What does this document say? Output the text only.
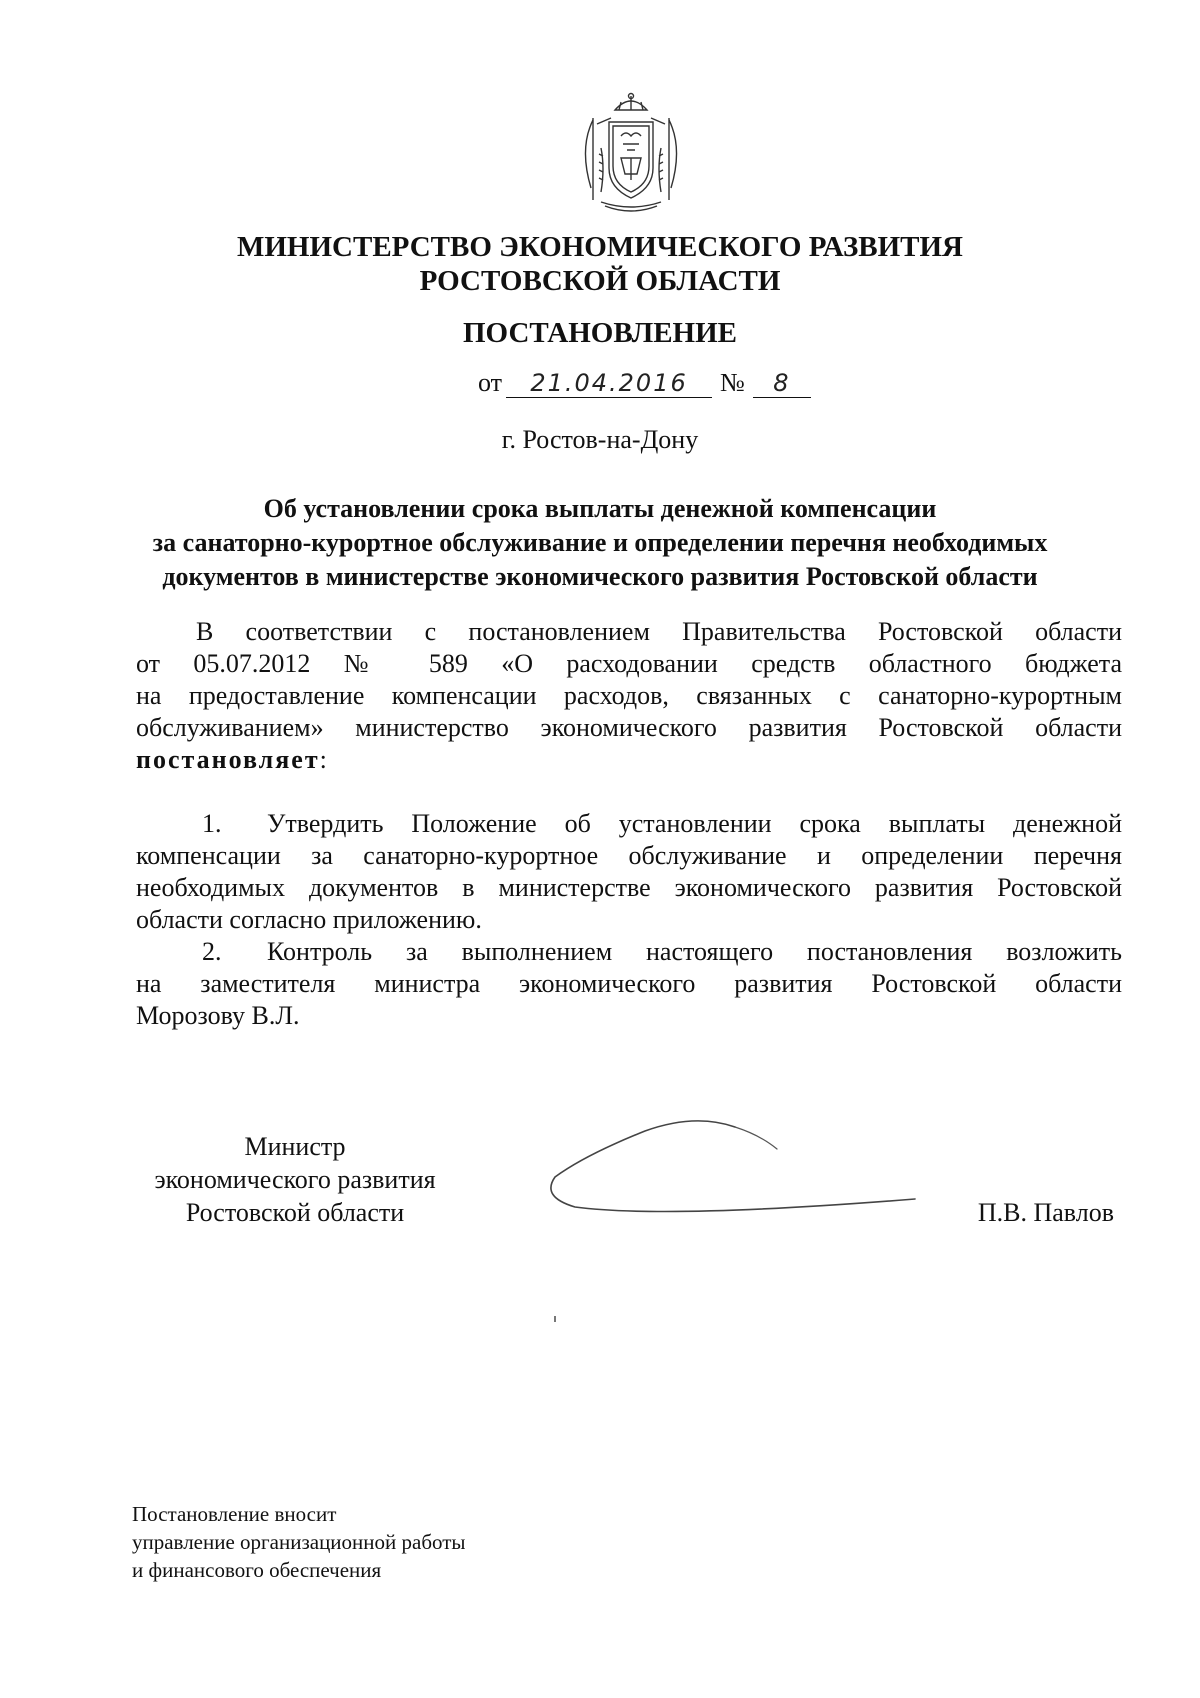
МИНИСТЕРСТВО ЭКОНОМИЧЕСКОГО РАЗВИТИЯ
РОСТОВСКОЙ ОБЛАСТИ
ПОСТАНОВЛЕНИЕ
от 21.04.2016 № 8
г. Ростов-на-Дону
Об установлении срока выплаты денежной компенсации
за санаторно-курортное обслуживание и определении перечня необходимых
документов в министерстве экономического развития Ростовской области
В соответствии с постановлением Правительства Ростовской области
от 05.07.2012 № 589 «О расходовании средств областного бюджета
на предоставление компенсации расходов, связанных с санаторно-курортным
обслуживанием» министерство экономического развития Ростовской области
постановляет:
1. Утвердить Положение об установлении срока выплаты денежной
компенсации за санаторно-курортное обслуживание и определении перечня
необходимых документов в министерстве экономического развития Ростовской
области согласно приложению.
2. Контроль за выполнением настоящего постановления возложить
на заместителя министра экономического развития Ростовской области
Морозову В.Л.
Министр
экономического развития
Ростовской области	П.В. Павлов
Постановление вносит
управление организационной работы
и финансового обеспечения
